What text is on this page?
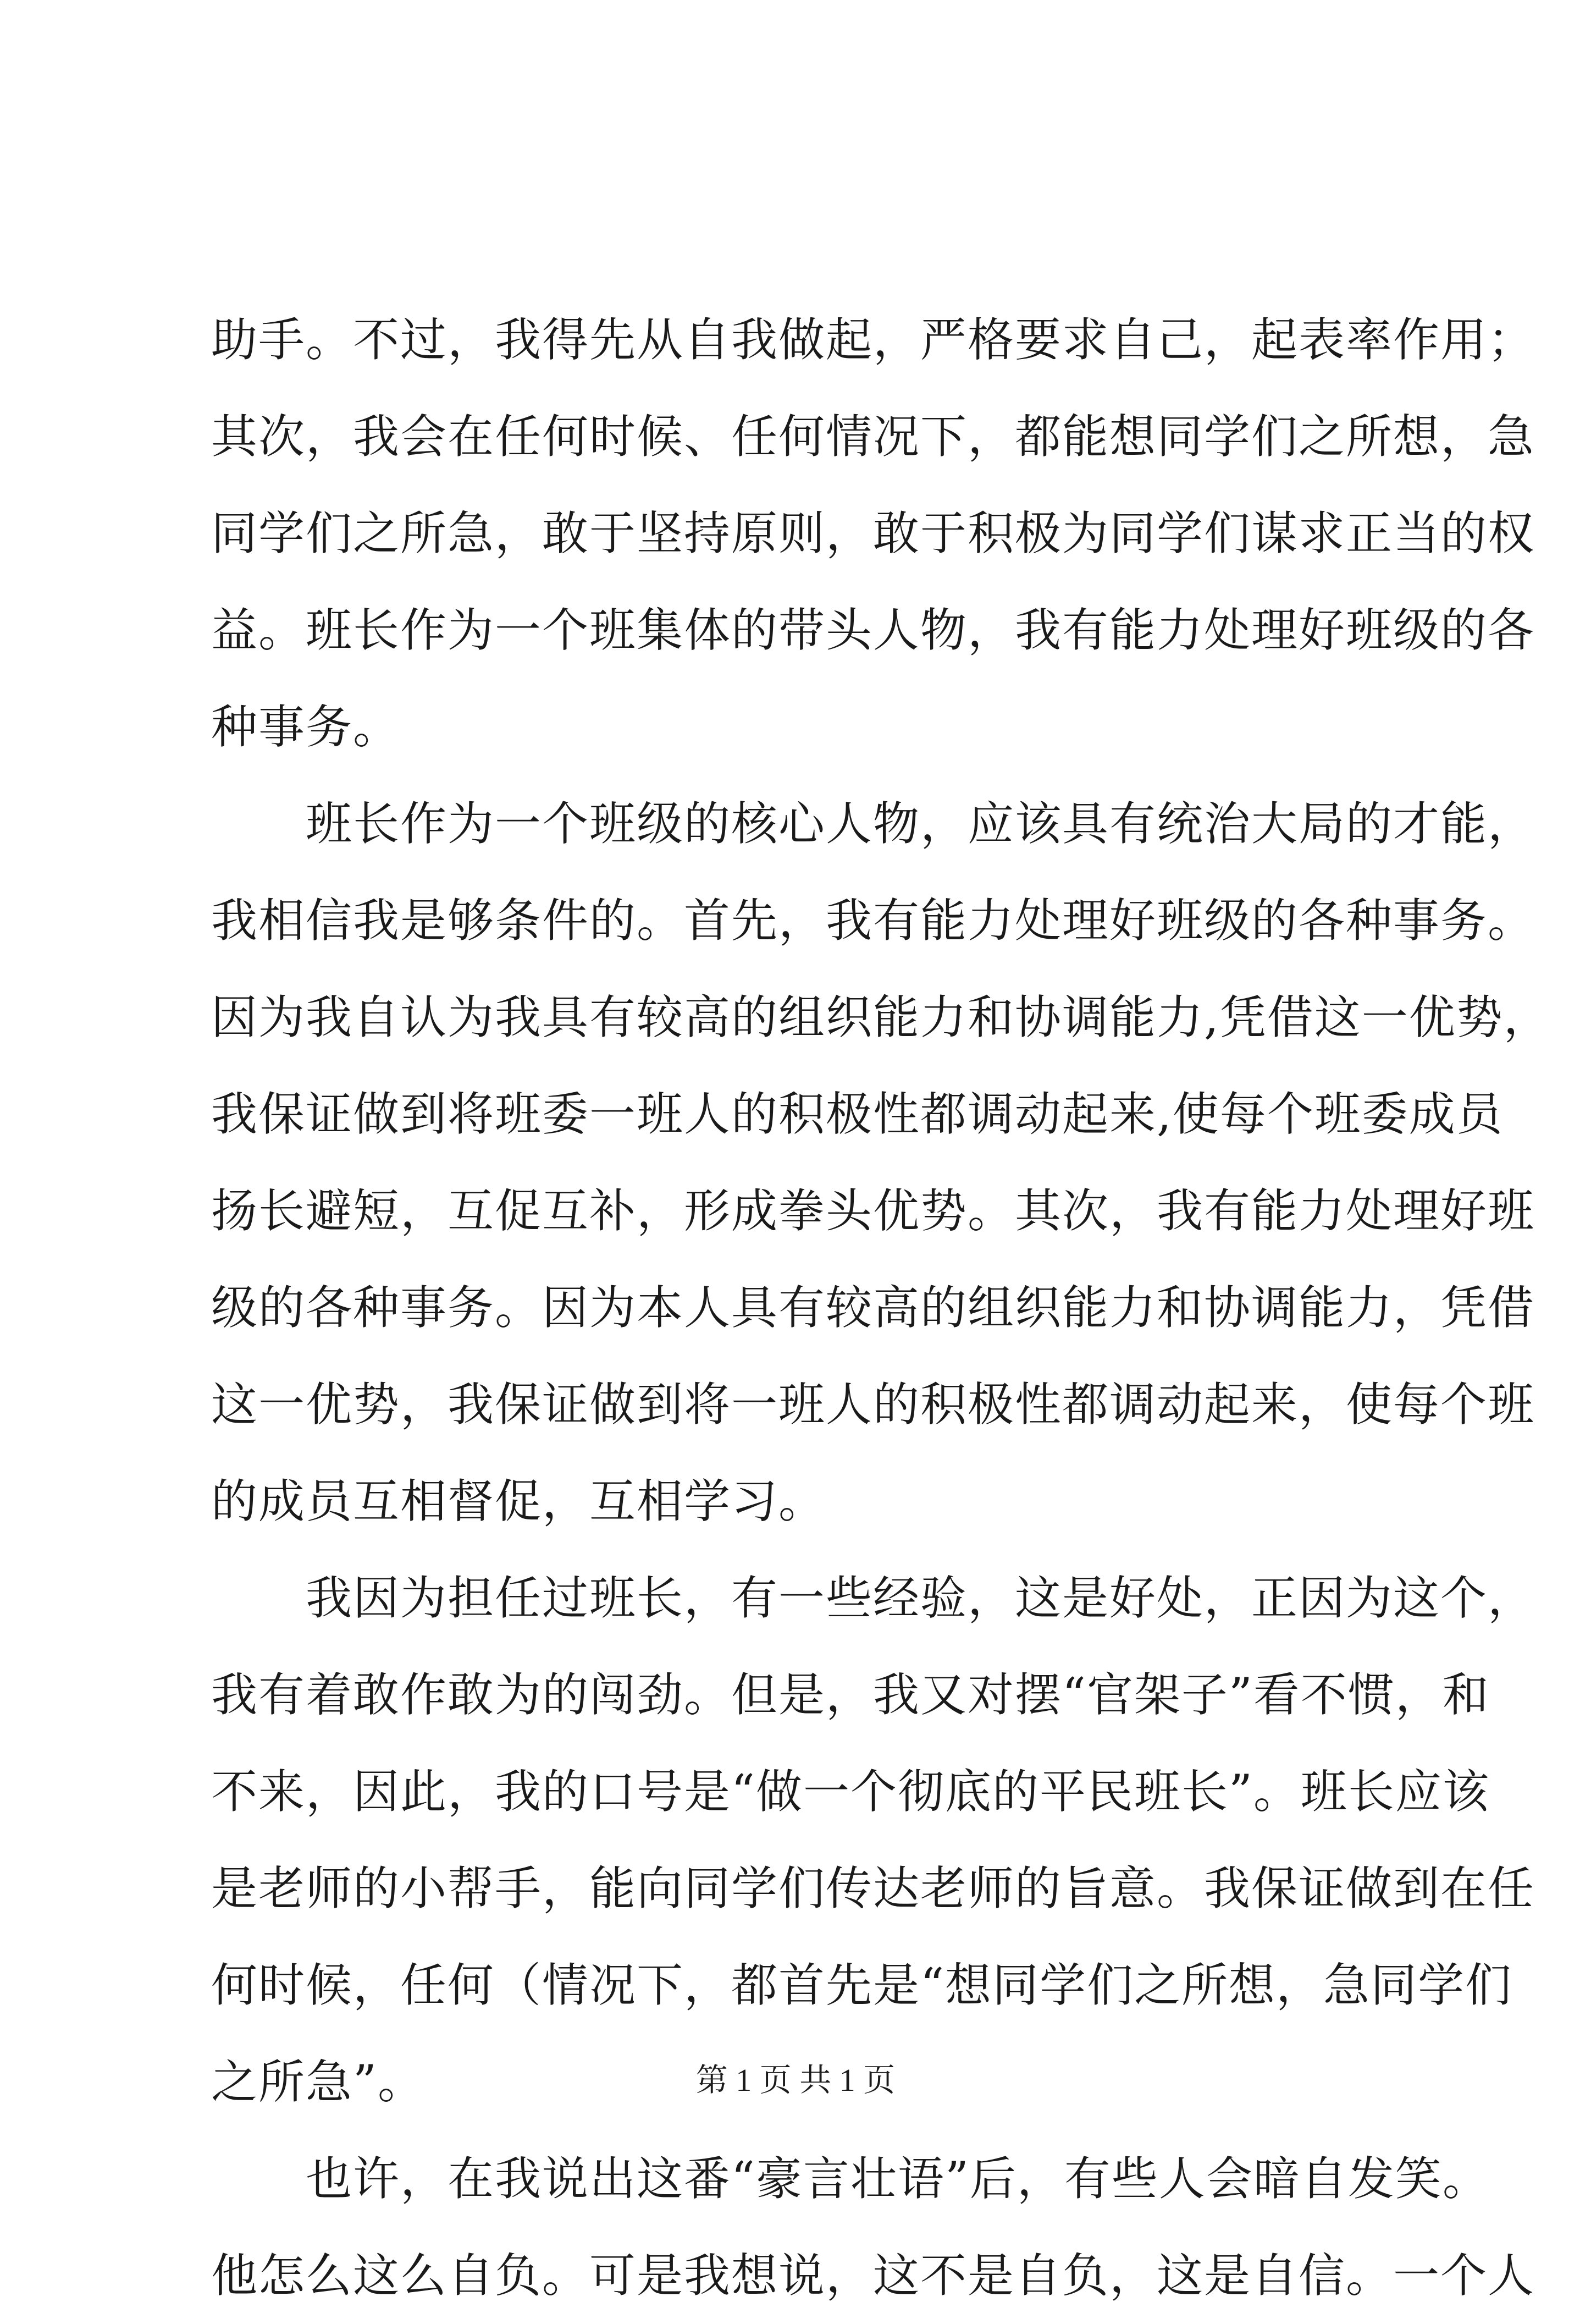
助手。不过，我得先从自我做起，严格要求自己，起表率作用；
其次，我会在任何时候、任何情况下，都能想同学们之所想，急
同学们之所急，敢于坚持原则，敢于积极为同学们谋求正当的权
益。班长作为一个班集体的带头人物，我有能力处理好班级的各
种事务。
　　班长作为一个班级的核心人物，应该具有统治大局的才能，
我相信我是够条件的。首先，我有能力处理好班级的各种事务。
因为我自认为我具有较高的组织能力和协调能力,凭借这一优势，
我保证做到将班委一班人的积极性都调动起来,使每个班委成员
扬长避短，互促互补，形成拳头优势。其次，我有能力处理好班
级的各种事务。因为本人具有较高的组织能力和协调能力，凭借
这一优势，我保证做到将一班人的积极性都调动起来，使每个班
的成员互相督促，互相学习。
　　我因为担任过班长，有一些经验，这是好处，正因为这个，
我有着敢作敢为的闯劲。但是，我又对摆“官架子”看不惯，和
不来，因此，我的口号是“做一个彻底的平民班长”。班长应该
是老师的小帮手，能向同学们传达老师的旨意。我保证做到在任
何时候，任何（情况下，都首先是“想同学们之所想，急同学们
之所急”。
　　也许，在我说出这番“豪言壮语”后，有些人会暗自发笑。
他怎么这么自负。可是我想说，这不是自负，这是自信。一个人
第 1 页 共 1 页
